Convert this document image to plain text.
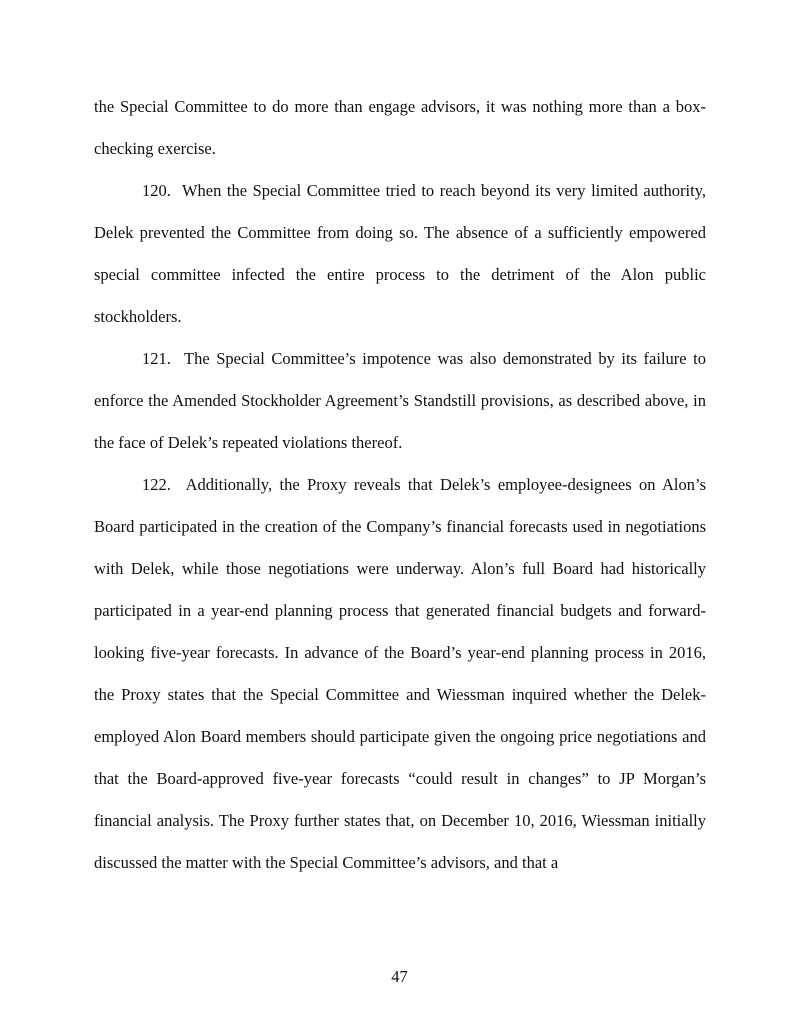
the Special Committee to do more than engage advisors, it was nothing more than a box-checking exercise.

120. When the Special Committee tried to reach beyond its very limited authority, Delek prevented the Committee from doing so. The absence of a sufficiently empowered special committee infected the entire process to the detriment of the Alon public stockholders.

121. The Special Committee’s impotence was also demonstrated by its failure to enforce the Amended Stockholder Agreement’s Standstill provisions, as described above, in the face of Delek’s repeated violations thereof.

122. Additionally, the Proxy reveals that Delek’s employee-designees on Alon’s Board participated in the creation of the Company’s financial forecasts used in negotiations with Delek, while those negotiations were underway. Alon’s full Board had historically participated in a year-end planning process that generated financial budgets and forward-looking five-year forecasts. In advance of the Board’s year-end planning process in 2016, the Proxy states that the Special Committee and Wiessman inquired whether the Delek-employed Alon Board members should participate given the ongoing price negotiations and that the Board-approved five-year forecasts “could result in changes” to JP Morgan’s financial analysis. The Proxy further states that, on December 10, 2016, Wiessman initially discussed the matter with the Special Committee’s advisors, and that a

47
